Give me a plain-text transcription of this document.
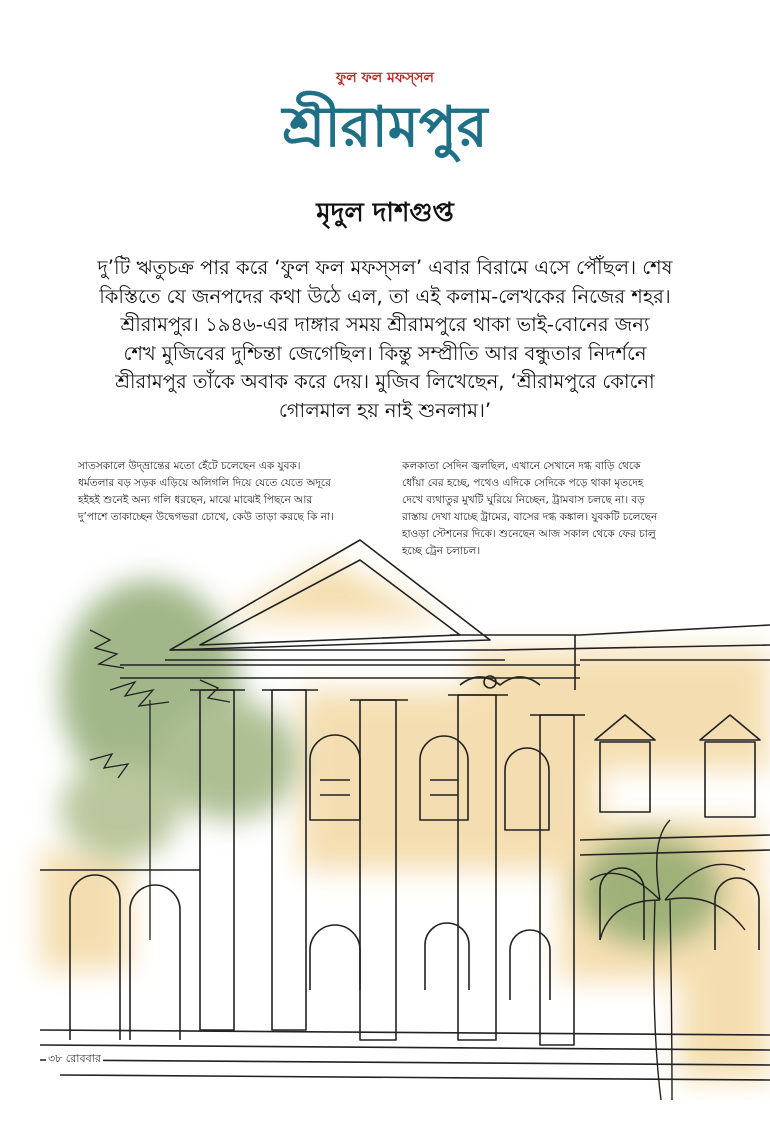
ফুল ফল মফস্সল
শ্রীরামপুর
মৃদুল দাশগুপ্ত
দু’টি ঋতুচক্র পার করে ‘ফুল ফল মফস্সল’ এবার বিরামে এসে পৌঁছল। শেষ
কিস্তিতে যে জনপদের কথা উঠে এল, তা এই কলাম-লেখকের নিজের শহর।
শ্রীরামপুর। ১৯৪৬-এর দাঙ্গার সময় শ্রীরামপুরে থাকা ভাই-বোনের জন্য
শেখ মুজিবের দুশ্চিন্তা জেগেছিল। কিন্তু সম্প্রীতি আর বন্ধুতার নিদর্শনে
শ্রীরামপুর তাঁকে অবাক করে দেয়। মুজিব লিখেছেন, ‘শ্রীরামপুরে কোনো
গোলমাল হয় নাই শুনলাম।’
সাতসকালে উদ্‌ভ্রান্তের মতো হেঁটে চলেছেন এক যুবক।
ধর্মতলার বড় সড়ক এড়িয়ে অলিগলি দিয়ে যেতে যেতে অদূরে
হইহই শুনেই অন্য গলি ধরছেন, মাঝে মাঝেই পিছনে আর
দু’পাশে তাকাচ্ছেন উদ্বেগভরা চোখে, কেউ তাড়া করছে কি না।
কলকাতা সেদিন জ্বলছিল, এখানে সেখানে দগ্ধ বাড়ি থেকে
ধোঁয়া বের হচ্ছে, পথেও এদিকে সেদিকে পড়ে থাকা মৃতদেহ
দেখে ব্যথাতুর মুখটি ঘুরিয়ে নিচ্ছেন, ট্রামবাস চলছে না। বড়
রাস্তায় দেখা যাচ্ছে ট্রামের, বাসের দগ্ধ কঙ্কাল। যুবকটি চলেছেন
হাওড়া স্টেশনের দিকে। শুনেছেন আজ সকাল থেকে ফের চালু
হচ্ছে ট্রেন চলাচল।
৩৮ রোববার
